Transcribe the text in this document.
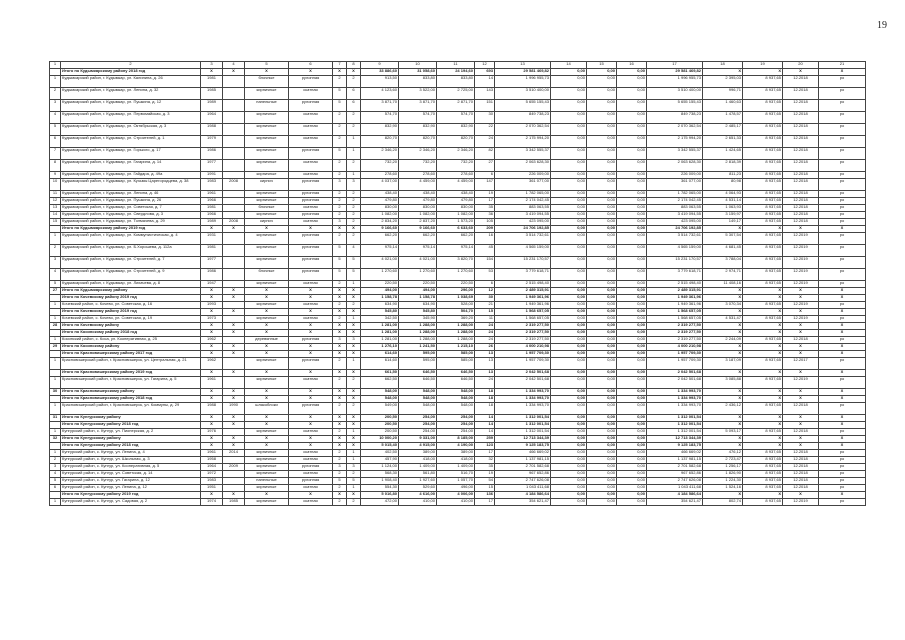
19
1	2	3	4	5	6	7	8	9	10	11	12	13	14	15	16	17	18	19	20	21
	Итого по Кудымкарскому району 2018 год	X	X	X	X	X	X	33 886,60	31 058,60	24 194,60	693	29 581 469,82	0,00	0,00	0,00	29 581 469,82	X	X	X	X
1	Кудымкарский район, г. Кудымкар, ул. Калинина, д. 26	1981		блочные	рулонная	2	2	913,50	833,80	833,80	14	1 996 955,73	0,00	0,00	0,00	1 996 955,73	2 395,03	8 937,65	12.2018	ро
2	Кудымкарский район, г. Кудымкар, ул. Ленина, д. 32	1985		кирпичные	скатная	5	6	4 123,60	3 522,00	2 725,00	143	3 510 400,00	0,00	0,00	0,00	3 510 400,00	996,71	8 937,65	12.2018	ро
3	Кудымкарский район, г. Кудымкар, ул. Пушкина, д. 12	1989		панельные	рулонная	5	6	3 871,70	3 871,70	2 871,70	151	5 655 155,43	0,00	0,00	0,00	5 655 155,43	1 460,63	8 937,65	12.2018	ро
4	Кудымкарский район, г. Кудымкар, ул. Первомайская, д. 3	1964		кирпичные	скатная	2	2	574,70	574,70	574,70	30	849 738,23	0,00	0,00	0,00	849 738,23	1 478,57	8 937,65	12.2018	ро
5	Кудымкарский район, г. Кудымкар, ул. Октябрьская, д. 3	1988		кирпичные	скатная	2	2	832,90	832,90	832,90	22	2 070 362,54	0,00	0,00	0,00	2 070 362,54	2 485,17	8 937,65	12.2018	ро
6	Кудымкарский район, г. Кудымкар, ул. Строителей, д. 1	1979		кирпичные	скатная	2	1	820,70	820,70	820,70	24	2 175 994,20	0,00	0,00	0,00	2 175 994,20	2 651,33	8 937,65	12.2018	ро
7	Кудымкарский район, г. Кудымкар, ул. Горького, д. 17	1986		кирпичные	рулонная	5	1	2 346,20	2 346,20	2 346,20	82	3 342 555,37	0,00	0,00	0,00	3 342 555,37	1 424,65	8 937,65	12.2018	ро
8	Кудымкарский район, г. Кудымкар, ул. Гагарина, д. 14	1977		кирпичные	скатная	2	2	732,20	732,20	732,20	27	2 063 628,30	0,00	0,00	0,00	2 063 628,30	2 818,39	8 937,65	12.2018	ро
9	Кудымкарский район, г. Кудымкар, ул. Гайдара, д. 49а	1991		кирпичные	скатная	2	1	278,60	278,60	278,60	6	226 009,00	0,00	0,00	0,00	226 009,00	811,23	8 937,65	12.2018	ро
10	Кудымкарский район, г. Кудымкар, ул. Кузьмы Царегородцева, д. 38	1983	2008	кирпич	рулонная	3	3	4 037,00	4 459,00	4 459,00	147	361 077,00	0,00	0,00	0,00	361 077,00	80,98	8 937,65	12.2018	ро
11	Кудымкарский район, г. Кудымкар, ул. Ленина, д. 46	1961		кирпичные	рулонная	2	2	438,40	438,40	438,40	19	1 782 065,00	0,00	0,00	0,00	1 782 065,00	4 064,93	8 937,65	12.2018	ро
12	Кудымкарский район, г. Кудымкар, ул. Пушкина, д. 26	1966		кирпичные	рулонная	2	2	479,80	479,80	479,80	17	2 174 042,45	0,00	0,00	0,00	2 174 042,45	4 531,14	8 937,65	12.2018	ро
13	Кудымкарский район, г. Кудымкар, ул. Советская, д. 7	1981		блочные	скатная	2	2	830,00	830,00	830,00	35	883 063,55	0,00	0,00	0,00	883 063,55	1 063,93	8 937,65	12.2018	ро
14	Кудымкарский район, г. Кудымкар, ул. Свердлова, д. 3	1966		кирпичные	рулонная	2	2	1 082,00	1 082,00	1 082,00	36	3 419 094,55	0,00	0,00	0,00	3 419 094,55	3 159,97	8 937,65	12.2018	ро
15	Кудымкарский район, г. Кудымкар, ул. Толмачева, д. 29	1989	2008	кирпич	скатная	3	2	2 834,20	2 837,20	1 573,20	105	423 095,00	0,00	0,00	0,00	423 095,00	149,17	8 937,65	12.2018	ро
	Итого по Кудымкарскому району 2019 год	X	X	X	X	X	X	9 166,60	9 166,60	6 633,60	209	24 706 192,85	0,00	0,00	0,00	24 706 192,85	X	X	X	X
1	Кудымкарский район, г. Кудымкар, ул. Коммунистическая, д. 4	1931		кирпичные	рулонная	2	2	662,20	662,20	662,20	16	3 514 732,61	0,00	0,00	0,00	3 514 732,61	5 307,54	8 937,65	12.2019	ро
2	Кудымкарский район, г. Кудымкар, ул. Б.Хорошева, д. 112а	1981		кирпичные	рулонная	5	4	975,14	975,14	975,14	45	4 565 159,00	0,00	0,00	0,00	4 565 159,00	4 681,45	8 937,65	12.2019	ро
3	Кудымкарский район, г. Кудымкар, ул. Строителей, д. 7	1977		кирпичные	рулонная	5	5	4 021,00	4 021,00	3 820,70	154	15 231 170,57	0,00	0,00	0,00	15 231 170,57	3 788,04	8 937,65	12.2019	ро
4	Кудымкарский район, г. Кудымкар, ул. Строителей, д. 9	1986		блочные	рулонная	5	5	1 270,60	1 270,60	1 270,60	53	3 779 618,71	0,00	0,00	0,00	3 779 618,71	2 974,71	8 937,65	12.2019	ро
5	Кудымкарский район, г. Кудымкар, ул. Лихачева, д. 8	1947		кирпичные	скатная	2	1	220,50	220,50	220,50	6	2 515 498,40	0,00	0,00	0,00	2 515 498,40	11 408,16	8 937,65	12.2019	ро
27	Итого по Кудымкарскому району	X	X	X	X	X	X	494,00	494,00	296,00	12	2 489 315,91	0,00	0,00	0,00	2 489 315,91	X	X	X	X
	Итого по Кочевскому району 2019 год	X	X	X	X	X	X	1 158,78	1 158,78	1 038,69	30	1 949 361,96	0,00	0,00	0,00	1 949 361,96	X	X	X	X
1	Кочевский район, с. Кочево, ул. Советская, д. 16	1993		кирпичные	скатная	2	2	634,90	634,90	528,00	21	1 949 361,96	0,00	0,00	0,00	1 949 361,96	3 070,34	8 937,65	12.2019	ро
	Итого по Кочевскому району 2019 год	X	X	X	X	X	X	545,80	545,80	504,70	15	1 568 657,05	0,00	0,00	0,00	1 568 657,05	X	X	X	X
1	Кочевский район, с. Кочево, ул. Советская, д. 19	1973		кирпичные	скатная	2	1	342,50	345,90	369,20	11	1 568 657,05	0,00	0,00	0,00	1 568 657,05	4 531,47	8 937,65	12.2019	ро
28	Итого по Кочевскому району	X	X	X	X	X	X	1 281,00	1 288,00	1 288,00	24	2 319 277,50	0,00	0,00	0,00	2 319 277,50	X	X	X	X
	Итого по Косинскому району 2018 год	X	X	X	X	X	X	1 281,00	1 288,00	1 288,00	24	2 319 277,50	0,00	0,00	0,00	2 319 277,50	X	X	X	X
1	Косинский район, с. Коса, ул. Кооперативная, д. 25	1962		деревянные	рулонная	3	3	1 281,00	1 288,00	1 288,00	24	2 319 277,50	0,00	0,00	0,00	2 319 277,50	2 244,09	8 937,65	12.2018	ро
29	Итого по Косинскому району	X	X	X	X	X	X	1 276,10	1 241,50	1 215,10	26	4 000 210,98	0,00	0,00	0,00	4 000 210,98	X	X	X	X
	Итого по Красновишерскому району 2017 год	X	X	X	X	X	X	614,60	595,00	585,00	13	1 957 709,30	0,00	0,00	0,00	1 957 709,30	X	X	X	X
1	Красновишерский район, г. Красновишерск, ул. Центральная, д. 21	1962		кирпичные	рулонная	2	1	614,60	595,00	585,00	13	1 957 709,30	0,00	0,00	0,00	1 957 709,30	3 187,09	8 937,65	12.2017	ро
	Итого по Красновишерскому району 2019 год	X	X	X	X	X	X	661,50	646,50	646,50	13	2 042 501,68	0,00	0,00	0,00	2 042 501,68	X	X	X	X
1	Красновишерский район, г. Красновишерск, ул. Гагарина, д. 5	1961		кирпичные	скатная	2	2	662,50	646,50	646,50	24	2 042 501,68	0,00	0,00	0,00	2 042 501,68	3 085,88	8 937,65	12.2019	ро
30	Итого по Красновишерскому району	X	X	X	X	X	X	548,00	548,00	548,00	18	1 334 993,70	0,00	0,00	0,00	1 334 993,70	X	X	X	X
	Итого по Красновишерскому району 2018 год	X	X	X	X	X	X	548,00	548,00	548,00	18	1 334 993,70	0,00	0,00	0,00	1 334 993,70	X	X	X	X
1	Красновишерский район, г. Красновишерск, ул. Коммуны, д. 29	1988	1990	шлакоблоки	рулонная	2	2	549,00	548,00	548,00	18	1 334 993,70	0,00	0,00	0,00	1 334 993,70	2 436,12	8 937,65	12.2018	ро
31	Итого по Кунгурскому району	X	X	X	X	X	X	200,50	254,00	254,00	14	1 312 001,54	0,00	0,00	0,00	1 312 001,54	X	X	X	X
	Итого по Кунгурскому району 2018 год	X	X	X	X	X	X	200,50	254,00	254,00	14	1 312 001,54	0,00	0,00	0,00	1 312 001,54	X	X	X	X
1	Кунгурский район, с. Кунгур, ул. Пионерская, д. 2	1976		кирпичные	скатная	2	1	200,50	254,00	254,00	14	1 312 001,54	0,00	0,00	0,00	1 312 001,54	5 093,17	8 937,65	12.2018	ро
32	Итого по Кунгурскому району	X	X	X	X	X	X	10 000,20	9 331,00	8 185,00	259	12 713 344,39	0,00	0,00	0,00	12 713 344,39	X	X	X	X
	Итого по Кунгурскому району 2018 год	X	X	X	X	X	X	5 015,40	4 915,00	4 190,00	123	9 125 183,75	0,00	0,00	0,00	9 125 183,75	X	X	X	X
1	Кунгурский район, с. Кунгур, ул. Ленина, д. 4	1961	2014	кирпичные	скатная	2	1	402,50	389,00	389,00	17	466 669,02	0,00	0,00	0,00	466 669,02	476,12	8 937,65	12.2018	ро
2	Кунгурский район, с. Кунгур, ул. Школьная, д. 3	1958		кирпичные	скатная	2	1	457,90	418,00	418,00	32	1 137 981,15	0,00	0,00	0,00	1 137 981,15	2 723,47	8 937,65	12.2018	ро
3	Кунгурский район, с. Кунгур, ул. Кооперативная, д. 5	1964	2009	кирпичные	рулонная	3	3	1 124,00	1 409,00	1 409,00	35	2 701 582,68	0,00	0,00	0,00	2 701 582,68	1 256,17	8 937,65	12.2018	ро
4	Кунгурский район, с. Кунгур, ул. Советская, д. 14	1972		кирпичные	скатная	2	2	568,30	561,80	516,70	19	967 652,86	0,00	0,00	0,00	967 652,86	1 826,90	8 937,65	12.2018	ро
5	Кунгурский район, с. Кунгур, ул. Гагарина, д. 12	1983		панельные	рулонная	5	5	1 908,40	1 927,60	1 057,70	54	2 747 626,08	0,00	0,00	0,00	2 747 626,08	1 224,30	8 937,65	12.2018	ро
6	Кунгурский район, с. Кунгур, ул. Ленина, д. 12	1951		кирпичные	скатная	2	1	554,30	529,60	496,00	15	1 043 411,68	0,00	0,00	0,00	1 043 411,68	1 524,16	8 937,65	12.2018	ро
	Итого по Кунгурскому району 2019 год	X	X	X	X	X	X	5 016,80	4 616,00	4 006,00	136	4 184 586,64	0,00	0,00	0,00	4 184 586,64	X	X	X	X
1	Кунгурский район, с. Кунгур, ул. Садовая, д. 2	1974	1985	кирпичные	скатная	2	2	472,00	410,00	410,00	17	354 621,47	0,00	0,00	0,00	354 621,47	802,74	8 937,65	12.2019	ро
